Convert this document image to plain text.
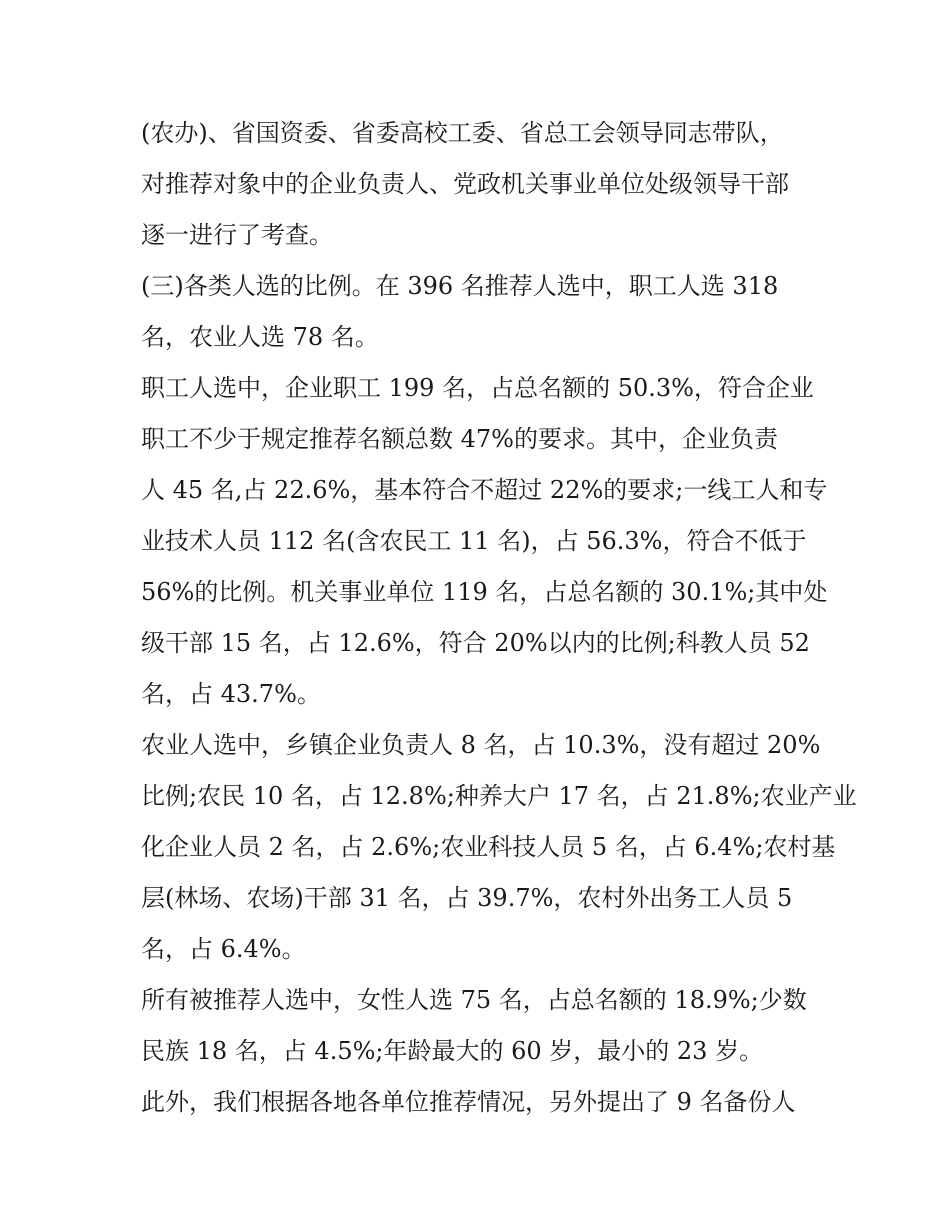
(农办)、省国资委、省委高校工委、省总工会领导同志带队，
对推荐对象中的企业负责人、党政机关事业单位处级领导干部
逐一进行了考查。
(三)各类人选的比例。在 396 名推荐人选中，职工人选 318
名，农业人选 78 名。
职工人选中，企业职工 199 名，占总名额的 50.3%，符合企业
职工不少于规定推荐名额总数 47%的要求。其中，企业负责
人 45 名,占 22.6%，基本符合不超过 22%的要求;一线工人和专
业技术人员 112 名(含农民工 11 名)，占 56.3%，符合不低于
56%的比例。机关事业单位 119 名，占总名额的 30.1%;其中处
级干部 15 名，占 12.6%，符合 20%以内的比例;科教人员 52
名，占 43.7%。
农业人选中，乡镇企业负责人 8 名，占 10.3%，没有超过 20%
比例;农民 10 名，占 12.8%;种养大户 17 名，占 21.8%;农业产业
化企业人员 2 名，占 2.6%;农业科技人员 5 名，占 6.4%;农村基
层(林场、农场)干部 31 名，占 39.7%，农村外出务工人员 5
名，占 6.4%。
所有被推荐人选中，女性人选 75 名，占总名额的 18.9%;少数
民族 18 名，占 4.5%;年龄最大的 60 岁，最小的 23 岁。
此外，我们根据各地各单位推荐情况，另外提出了 9 名备份人
